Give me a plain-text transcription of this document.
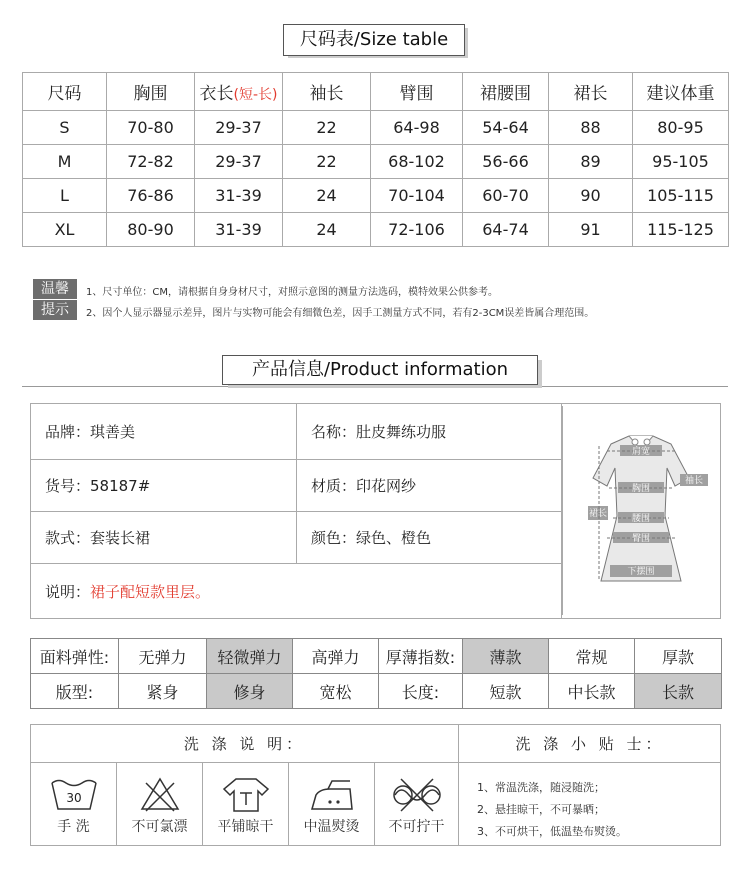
尺码表/Size table
尺码	胸围	衣长(短-长)	袖长	臂围	裙腰围	裙长	建议体重
S	70-80	29-37	22	64-98	54-64	88	80-95
M	72-82	29-37	22	68-102	56-66	89	95-105
L	76-86	31-39	24	70-104	60-70	90	105-115
XL	80-90	31-39	24	72-106	64-74	91	115-125
温馨
提示
1、尺寸单位：CM，请根据自身身材尺寸，对照示意图的测量方法选码，模特效果公供参考。
2、因个人显示器显示差异，图片与实物可能会有细微色差，因手工测量方式不同，若有2-3CM误差皆属合理范围。
产品信息/Product information
品牌：琪善美	名称：肚皮舞练功服
货号：58187#	材质：印花网纱
款式：套装长裙	颜色：绿色、橙色
说明： 裙子配短款里层。
肩宽
袖长
胸围
裙长	腰围
臀围
下摆围
面料弹性:	无弹力	轻微弹力	高弹力	厚薄指数:	薄款	常规	厚款
版型:	紧身	修身	宽松	长度:	短款	中长款	长款
洗 涤 说 明：	洗 涤 小 贴 士：
30
手 洗	不可氯漂	平铺晾干	中温熨烫	不可拧干
1、常温洗涤，随浸随洗；
2、悬挂晾干，不可暴晒；
3、不可烘干，低温垫布熨烫。
